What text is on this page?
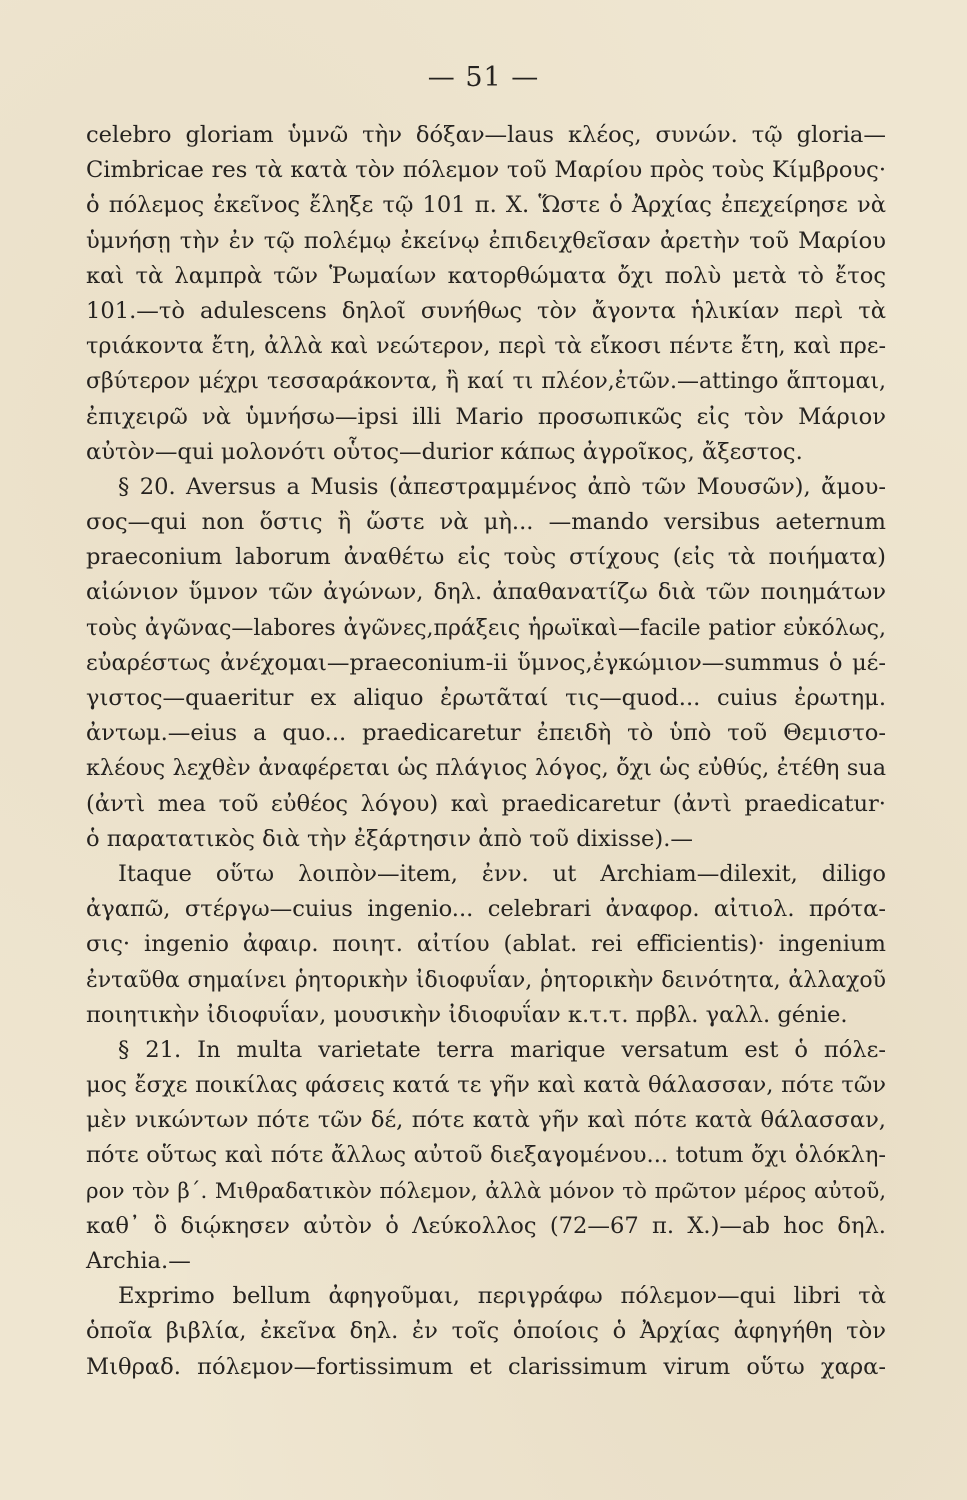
— 51 —
celebro gloriam ὑμνῶ τὴν δόξαν—laus κλέος, συνών. τῷ gloria—
Cimbricae res τὰ κατὰ τὸν πόλεμον τοῦ Μαρίου πρὸς τοὺς Κίμβρους·
ὁ πόλεμος ἐκεῖνος ἔληξε τῷ 101 π. Χ. Ὥστε ὁ Ἀρχίας ἐπεχείρησε νὰ
ὑμνήσῃ τὴν ἐν τῷ πολέμῳ ἐκείνῳ ἐπιδειχθεῖσαν ἀρετὴν τοῦ Μαρίου
καὶ τὰ λαμπρὰ τῶν Ῥωμαίων κατορθώματα ὄχι πολὺ μετὰ τὸ ἔτος
101.—τὸ adulescens δηλοῖ συνήθως τὸν ἄγοντα ἡλικίαν περὶ τὰ
τριάκοντα ἔτη, ἀλλὰ καὶ νεώτερον, περὶ τὰ εἴκοσι πέντε ἔτη, καὶ πρε-
σβύτερον μέχρι τεσσαράκοντα, ἢ καί τι πλέον,ἐτῶν.—attingo ἅπτομαι,
ἐπιχειρῶ νὰ ὑμνήσω—ipsi illi Mario προσωπικῶς εἰς τὸν Μάριον
αὐτὸν—qui μολονότι οὗτος—durior κάπως ἀγροῖκος, ἄξεστος.
§ 20. Aversus a Musis (ἀπεστραμμένος ἀπὸ τῶν Μουσῶν), ἄμου-
σος—qui non ὅστις ἢ ὥστε νὰ μὴ... —mando versibus aeternum
praeconium laborum ἀναθέτω εἰς τοὺς στίχους (εἰς τὰ ποιήματα)
αἰώνιον ὕμνον τῶν ἀγώνων, δηλ. ἀπαθανατίζω διὰ τῶν ποιημάτων
τοὺς ἀγῶνας—labores ἀγῶνες,πράξεις ἡρωϊκαὶ—facile patior εὐκόλως,
εὐαρέστως ἀνέχομαι—praeconium-ii ὕμνος,ἐγκώμιον—summus ὁ μέ-
γιστος—quaeritur ex aliquo ἐρωτᾶταί τις—quod... cuius ἐρωτημ.
ἀντωμ.—eius a quo... praedicaretur ἐπειδὴ τὸ ὑπὸ τοῦ Θεμιστο-
κλέους λεχθὲν ἀναφέρεται ὡς πλάγιος λόγος, ὄχι ὡς εὐθύς, ἐτέθη sua
(ἀντὶ mea τοῦ εὐθέος λόγου) καὶ praedicaretur (ἀντὶ praedicatur·
ὁ παρατατικὸς διὰ τὴν ἐξάρτησιν ἀπὸ τοῦ dixisse).—
Itaque οὕτω λοιπὸν—item, ἐνν. ut Archiam—dilexit, diligo
ἀγαπῶ, στέργω—cuius ingenio... celebrari ἀναφορ. αἰτιολ. πρότα-
σις· ingenio ἀφαιρ. ποιητ. αἰτίου (ablat. rei efficientis)· ingenium
ἐνταῦθα σημαίνει ῥητορικὴν ἰδιοφυΐαν, ῥητορικὴν δεινότητα, ἀλλαχοῦ
ποιητικὴν ἰδιοφυΐαν, μουσικὴν ἰδιοφυΐαν κ.τ.τ. πρβλ. γαλλ. génie.
§ 21. In multa varietate terra marique versatum est ὁ πόλε-
μος ἔσχε ποικίλας φάσεις κατά τε γῆν καὶ κατὰ θάλασσαν, πότε τῶν
μὲν νικώντων πότε τῶν δέ, πότε κατὰ γῆν καὶ πότε κατὰ θάλασσαν,
πότε οὕτως καὶ πότε ἄλλως αὐτοῦ διεξαγομένου... totum ὄχι ὁλόκλη-
ρον τὸν β΄. Μιθραδατικὸν πόλεμον, ἀλλὰ μόνον τὸ πρῶτον μέρος αὐτοῦ,
καθ᾽ ὃ διῴκησεν αὐτὸν ὁ Λεύκολλος (72—67 π. Χ.)—ab hoc δηλ.
Archia.—
Exprimo bellum ἀφηγοῦμαι, περιγράφω πόλεμον—qui libri τὰ
ὁποῖα βιβλία, ἐκεῖνα δηλ. ἐν τοῖς ὁποίοις ὁ Ἀρχίας ἀφηγήθη τὸν
Μιθραδ. πόλεμον—fortissimum et clarissimum virum οὕτω χαρα-
